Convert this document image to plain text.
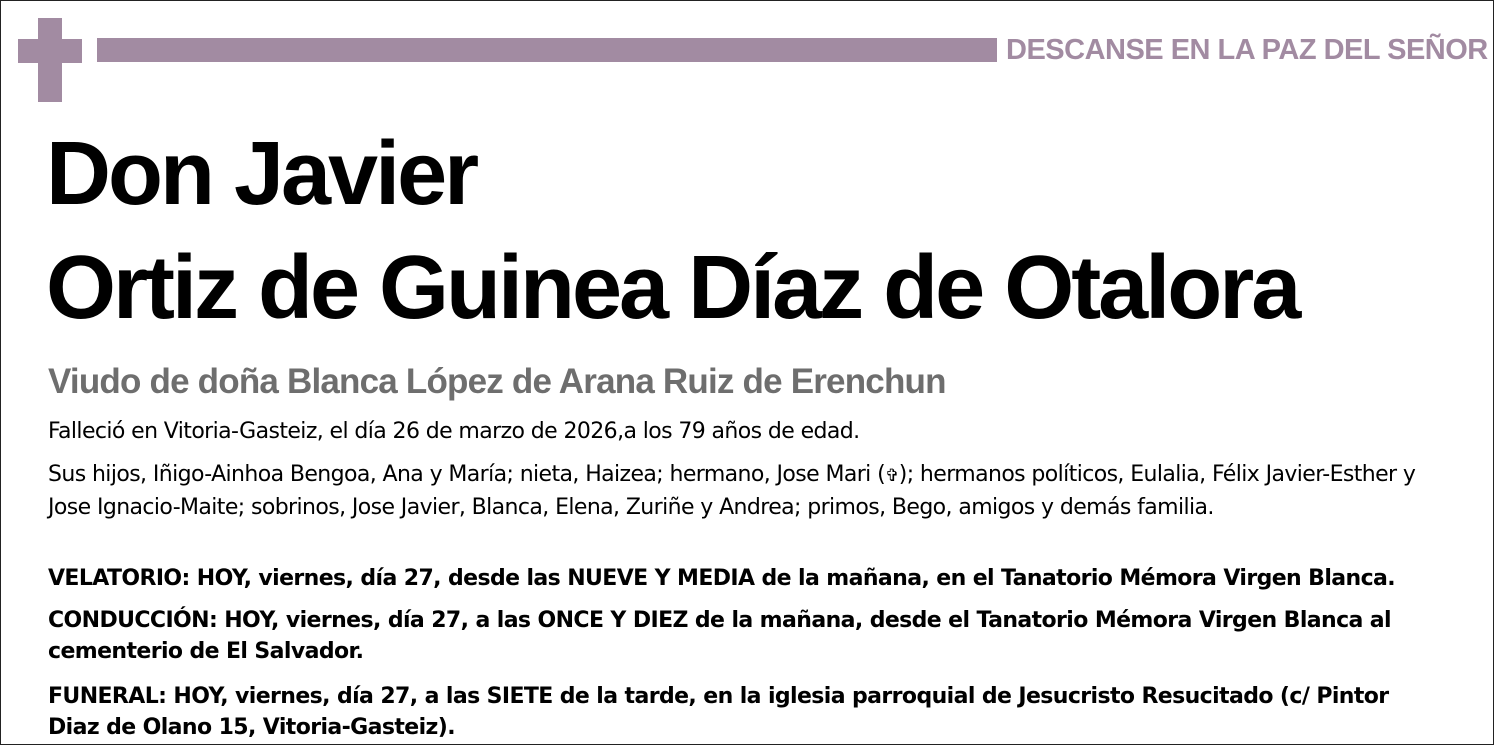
DESCANSE EN LA PAZ DEL SEÑOR
Don Javier
Ortiz de Guinea Díaz de Otalora
Viudo de doña Blanca López de Arana Ruiz de Erenchun

Falleció en Vitoria-Gasteiz, el día 26 de marzo de 2026,a los 79 años de edad.

Sus hijos, Iñigo-Ainhoa Bengoa, Ana y María; nieta, Haizea; hermano, Jose Mari (✞); hermanos políticos, Eulalia, Félix Javier-Esther y Jose Ignacio-Maite; sobrinos, Jose Javier, Blanca, Elena, Zuriñe y Andrea; primos, Bego, amigos y demás familia.

VELATORIO: HOY, viernes, día 27, desde las NUEVE Y MEDIA de la mañana, en el Tanatorio Mémora Virgen Blanca.

CONDUCCIÓN: HOY, viernes, día 27, a las ONCE Y DIEZ de la mañana, desde el Tanatorio Mémora Virgen Blanca al cementerio de El Salvador.

FUNERAL: HOY, viernes, día 27, a las SIETE de la tarde, en la iglesia parroquial de Jesucristo Resucitado (c/ Pintor Diaz de Olano 15, Vitoria-Gasteiz).
